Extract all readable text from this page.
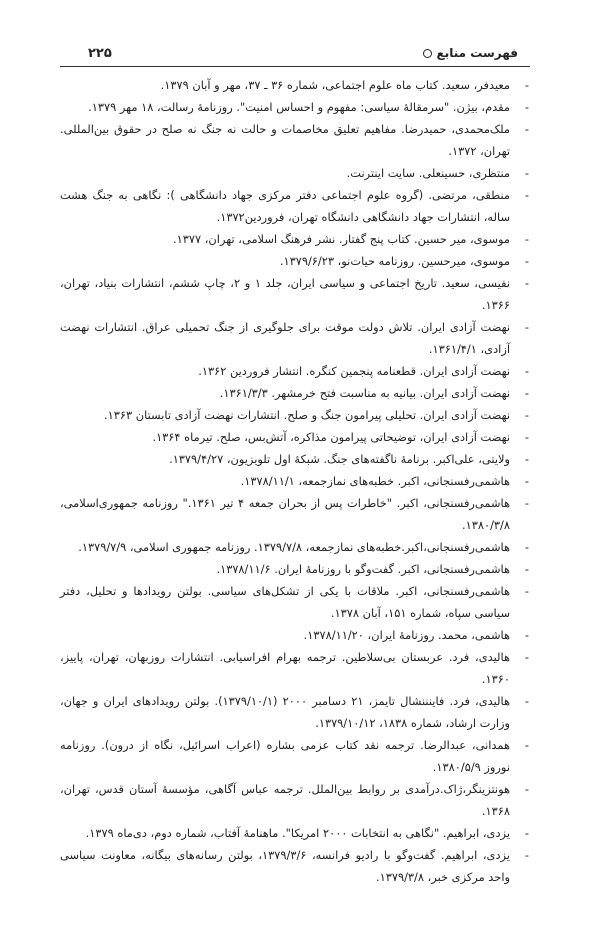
فهرست منابع
۲۲۵
- معیدفر، سعید. کتاب ماه علوم اجتماعی، شماره ۳۶ ـ ۳۷، مهر و آبان ۱۳۷۹.
- مقدم، بیژن. "سرمقالهٔ سیاسی: مفهوم و احساس امنیت". روزنامهٔ رسالت، ۱۸ مهر ۱۳۷۹.
- ملک‌محمدی، حمیدرضا. مفاهیم تعلیق مخاصمات و حالت نه جنگ نه صلح در حقوق بین‌المللی. تهران، ۱۳۷۲.
- منتظری، حسینعلی. سایت اینترنت.
- منطقی، مرتضی. (گروه علوم اجتماعی دفتر مرکزی جهاد دانشگاهی ): نگاهی به جنگ هشت ساله، انتشارات جهاد دانشگاهی دانشگاه تهران، فروردین۱۳۷۲.
- موسوی، میر حسین. کتاب پنج گفتار. نشر فرهنگ اسلامی، تهران، ۱۳۷۷.
- موسوی، میرحسین. روزنامه حیات‌نو، ۱۳۷۹/۶/۲۳.
- نفیسی، سعید. تاریخ اجتماعی و سیاسی ایران، جلد ۱ و ۲، چاپ ششم، انتشارات بنیاد، تهران، ۱۳۶۶.
- نهضت آزادی ایران. تلاش دولت موقت برای جلوگیری از جنگ تحمیلی عراق. انتشارات نهضت آزادی، ۱۳۶۱/۴/۱.
- نهضت آزادی ایران. قطعنامه پنجمین کنگره. انتشار فروردین ۱۳۶۲.
- نهضت آزادی ایران. بیانیه به مناسبت فتح خرمشهر. ۱۳۶۱/۳/۳.
- نهضت آزادی ایران. تحلیلی پیرامون جنگ و صلح. انتشارات نهضت آزادی تابستان ۱۳۶۳.
- نهضت آزادی ایران، توضیحاتی پیرامون مذاکره، آتش‌بس، صلح. تیرماه ۱۳۶۴.
- ولایتی، علی‌اکبر. برنامهٔ ناگفته‌های جنگ. شبکهٔ اول تلویزیون، ۱۳۷۹/۴/۲۷.
- هاشمی‌رفسنجانی، اکبر. خطبه‌های نمازجمعه، ۱۳۷۸/۱۱/۱.
- هاشمی‌رفسنجانی، اکبر. "خاطرات پس از بحران جمعه ۴ تیر ۱۳۶۱." روزنامه جمهوری‌اسلامی، ۱۳۸۰/۳/۸.
- هاشمی‌رفسنجانی،اکبر.خطبه‌های نمازجمعه، ۱۳۷۹/۷/۸. روزنامه جمهوری اسلامی، ۱۳۷۹/۷/۹.
- هاشمی‌رفسنجانی، اکبر. گفت‌وگو با روزنامهٔ ایران. ۱۳۷۸/۱۱/۶.
- هاشمی‌رفسنجانی، اکبر. ملاقات با یکی از تشکل‌های سیاسی. بولتن رویدادها و تحلیل، دفتر سیاسی سپاه، شماره ۱۵۱، آبان ۱۳۷۸.
- هاشمی، محمد. روزنامهٔ ایران، ۱۳۷۸/۱۱/۲۰.
- هالیدی، فرد. عربستان بی‌سلاطین. ترجمه بهرام افراسیابی. انتشارات روزبهان، تهران، پاییز، ۱۳۶۰.
- هالیدی، فرد. فاینننشال تایمز، ۲۱ دسامبر ۲۰۰۰ (۱۳۷۹/۱۰/۱). بولتن رویدادهای ایران و جهان، وزارت ارشاد، شماره ۱۸۳۸، ۱۳۷۹/۱۰/۱۲.
- همدانی، عبدالرضا. ترجمه نقد کتاب عزمی بشاره (اعراب اسرائیل، نگاه از درون). روزنامه نوروز ۱۳۸۰/۵/۹.
- هونتزینگر،ژاک.درآمدی بر روابط بین‌الملل. ترجمه عباس آگاهی، مؤسسهٔ آستان قدس، تهران، ۱۳۶۸.
- یزدی، ابراهیم. "نگاهی به انتخابات ۲۰۰۰ امریکا". ماهنامهٔ آفتاب، شماره دوم، دی‌ماه ۱۳۷۹.
- یزدی، ابراهیم. گفت‌وگو با رادیو فرانسه، ۱۳۷۹/۳/۶، بولتن رسانه‌های بیگانه، معاونت سیاسی واحد مرکزی خبر، ۱۳۷۹/۳/۸.
